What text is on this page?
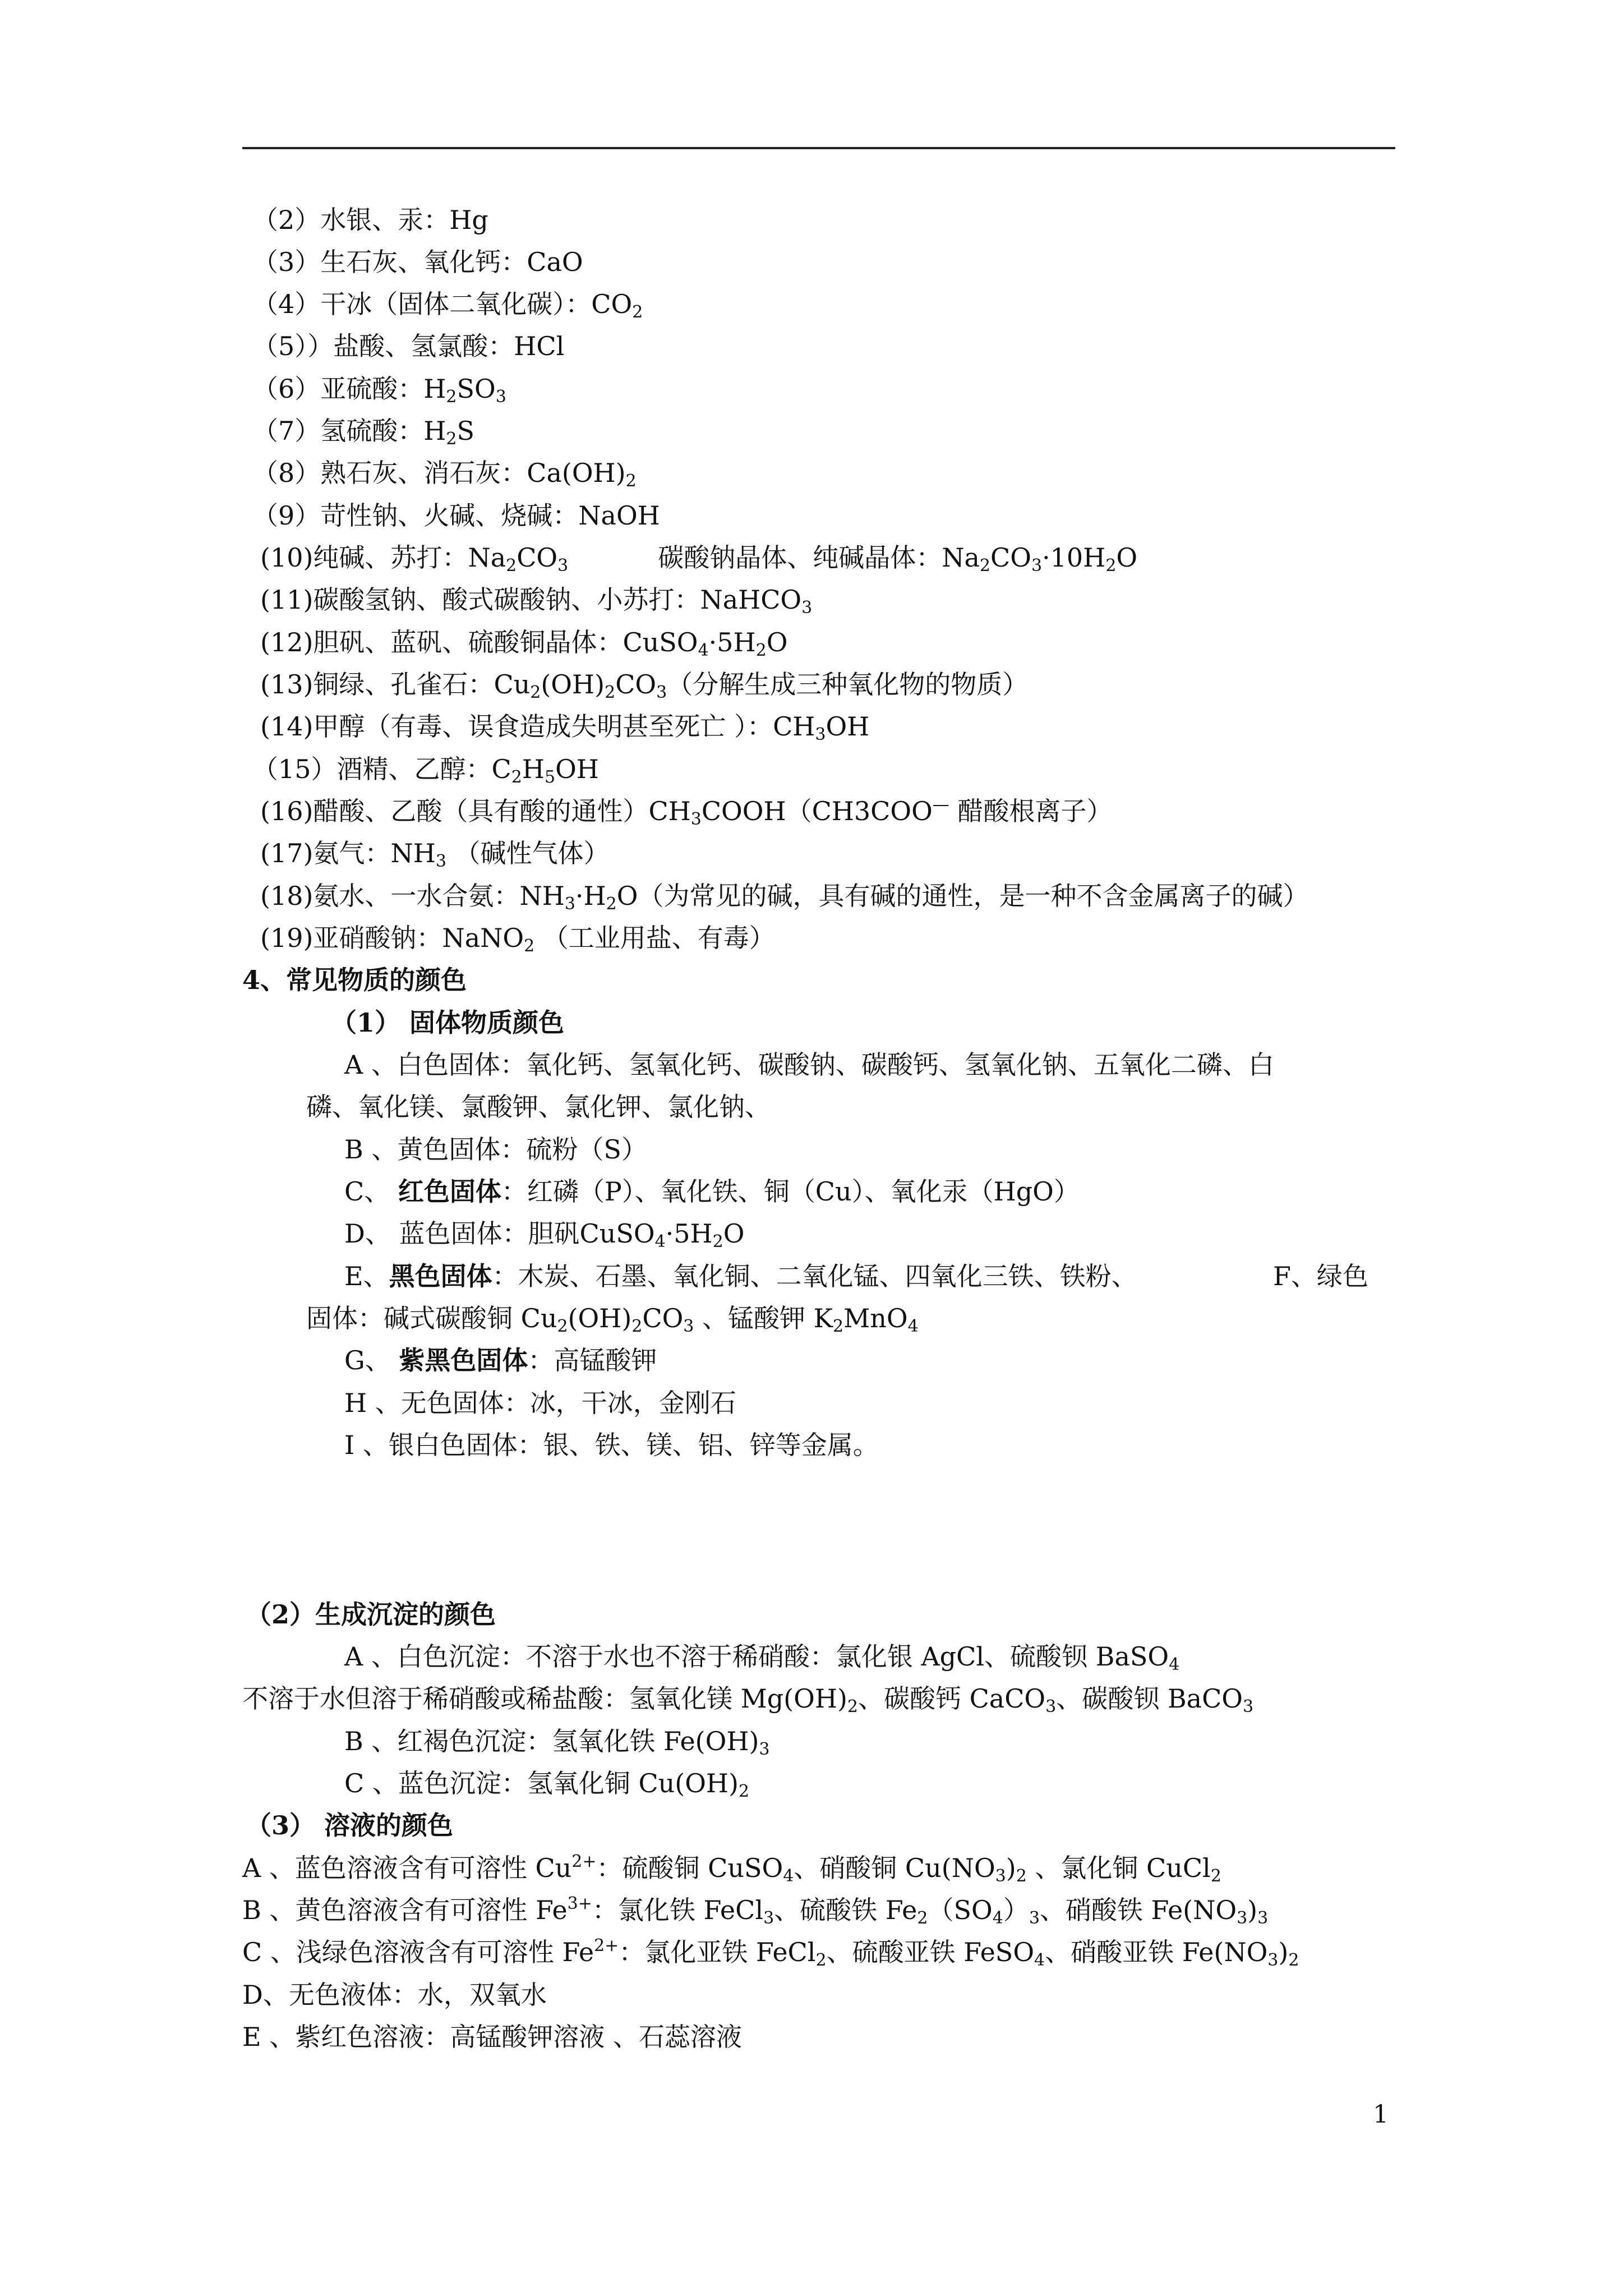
（2）水银、汞：Hg
（3）生石灰、氧化钙：CaO
（4）干冰（固体二氧化碳）：$CO_2$
（5））盐酸、氢氯酸：HCl
（6）亚硫酸：$H_2SO_3$
（7）氢硫酸：$H_2S$
（8）熟石灰、消石灰：$Ca(OH)_2$
（9）苛性钠、火碱、烧碱：NaOH
(10)纯碱、苏打：$Na_2CO_3$	碳酸钠晶体、纯碱晶体：$Na_2CO_3\cdot 10H_2O$
(11)碳酸氢钠、酸式碳酸钠、小苏打：NaHCO$_3$
(12)胆矾、蓝矾、硫酸铜晶体：$CuSO_4\cdot 5H_2O$
(13)铜绿、孔雀石：$Cu_2(OH)_2CO_3$（分解生成三种氧化物的物质）
(14)甲醇（有毒、误食造成失明甚至死亡 ）：$CH_3OH$
（15）酒精、乙醇：$C_2H_5OH$
(16)醋酸、乙酸（具有酸的通性）$CH_3COOH(CH3COO^—$ 醋酸根离子）
(17)氨气：$NH_3$ （碱性气体）
(18)氨水、一水合氨：$NH_3\cdot H_2O$（为常见的碱，具有碱的通性，是一种不含金属离子的碱）
(19)亚硝酸钠：NaNO$_2$ （工业用盐、有毒）
4、常见物质的颜色
（1） 固体物质颜色
A 、白色固体：氧化钙、氢氧化钙、碳酸钠、碳酸钙、氢氧化钠、五氧化二磷、白
磷、氧化镁、氯酸钾、氯化钾、氯化钠、
B 、黄色固体：硫粉（S）
C、 红色固体：红磷（P）、氧化铁、铜（Cu）、氧化汞（HgO）
D、 蓝色固体：胆矾$CuSO_4\cdot 5H_2O$
E、黑色固体：木炭、石墨、氧化铜、二氧化锰、四氧化三铁、铁粉、	F、绿色
固体：碱式碳酸铜 $Cu_2(OH)_2CO_3$ 、锰酸钾 $K_2MnO_4$
G、 紫黑色固体：高锰酸钾
H 、无色固体：冰，干冰，金刚石
I 、银白色固体：银、铁、镁、铝、锌等金属。
（2）生成沉淀的颜色
A 、白色沉淀：不溶于水也不溶于稀硝酸：氯化银 AgCl、硫酸钡 BaSO$_4$
不溶于水但溶于稀硝酸或稀盐酸：氢氧化镁 $Mg(OH)_2$、碳酸钙 CaCO$_3$、碳酸钡 BaCO$_3$
B 、红褐色沉淀：氢氧化铁 $Fe(OH)_3$
C 、蓝色沉淀：氢氧化铜 $Cu(OH)_2$
（3） 溶液的颜色
A 、蓝色溶液含有可溶性 $Cu^{2+}$：硫酸铜 CuSO$_4$、硝酸铜 $Cu(NO_3)_2$ 、氯化铜 CuCl$_2$
B 、黄色溶液含有可溶性 $Fe^{3+}$：氯化铁 FeCl$_3$、硫酸铁 $Fe_2(SO_4)_3$、硝酸铁 $Fe(NO_3)_3$
C 、浅绿色溶液含有可溶性 $Fe^{2+}$：氯化亚铁 FeCl$_2$、硫酸亚铁 FeSO$_4$、硝酸亚铁 $Fe(NO_3)_2$
D、无色液体：水，双氧水
E 、紫红色溶液：高锰酸钾溶液 、石蕊溶液
1
